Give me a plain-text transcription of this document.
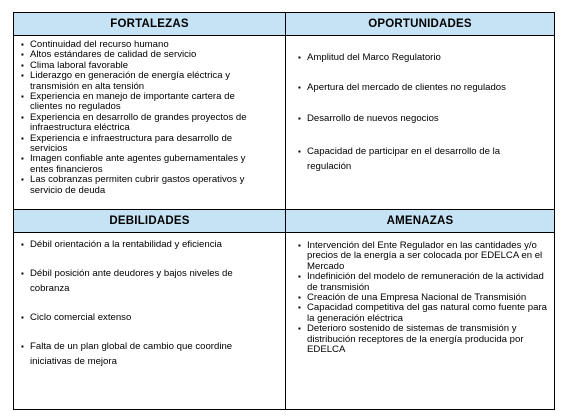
FORTALEZAS
▪ Continuidad del recurso humano
▪ Altos estándares de calidad de servicio
▪ Clima laboral favorable
▪ Liderazgo en generación de energía eléctrica y transmisión en alta tensión
▪ Experiencia en manejo de importante cartera de clientes no regulados
▪ Experiencia en desarrollo de grandes proyectos de infraestructura eléctrica
▪ Experiencia e infraestructura para desarrollo de servicios
▪ Imagen confiable ante agentes gubernamentales y entes financieros
▪ Las cobranzas permiten cubrir gastos operativos y servicio de deuda
OPORTUNIDADES
▪ Amplitud del Marco Regulatorio
▪ Apertura del mercado de clientes no regulados
▪ Desarrollo de nuevos negocios
▪ Capacidad de participar en el desarrollo de la regulación
DEBILIDADES
▪ Débil orientación a la rentabilidad y eficiencia
▪ Débil posición ante deudores y bajos niveles de cobranza
▪ Ciclo comercial extenso
▪ Falta de un plan global de cambio que coordine iniciativas de mejora
AMENAZAS
▪ Intervención del Ente Regulador en las cantidades y/o precios de la energía a ser colocada por EDELCA en el Mercado
▪ Indefinición del modelo de remuneración de la actividad de transmisión
▪ Creación de una Empresa Nacional de Transmisión
▪ Capacidad competitiva del gas natural como fuente para la generación eléctrica
▪ Deterioro sostenido de sistemas de transmisión y distribución receptores de la energía producida por EDELCA
